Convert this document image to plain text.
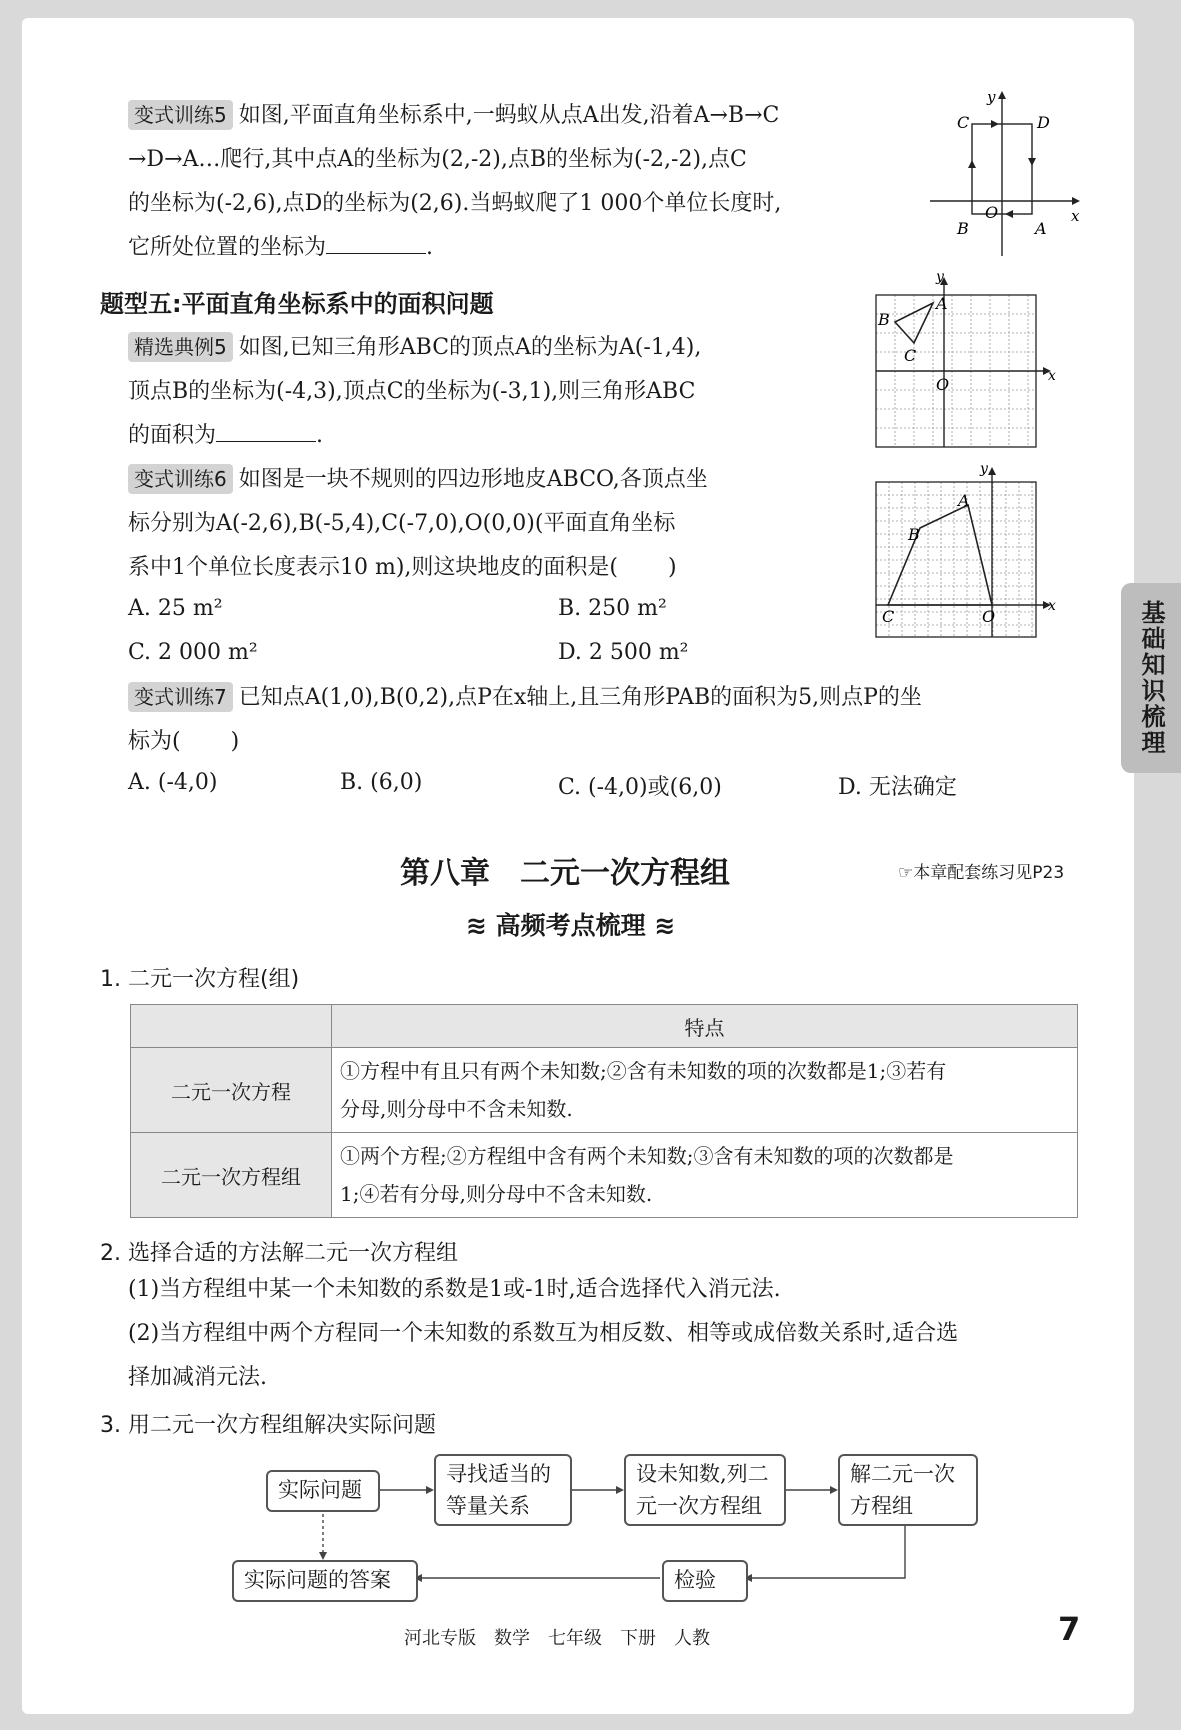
变式训练5 如图,平面直角坐标系中,一蚂蚁从点A出发,沿着A→B→C
→D→A…爬行,其中点A的坐标为(2,-2),点B的坐标为(-2,-2),点C
的坐标为(-2,6),点D的坐标为(2,6).当蚂蚁爬了1 000个单位长度时,
它所处位置的坐标为	.
y
x
O
A
B
C	D
题型五:平面直角坐标系中的面积问题
精选典例5 如图,已知三角形ABC的顶点A的坐标为A(-1,4),
顶点B的坐标为(-4,3),顶点C的坐标为(-3,1),则三角形ABC
的面积为	.
y
x
O
A
B
C
变式训练6 如图是一块不规则的四边形地皮ABCO,各顶点坐
标分别为A(-2,6),B(-5,4),C(-7,0),O(0,0)(平面直角坐标
系中1个单位长度表示10 m),则这块地皮的面积是( )
A. 25 m²	B. 250 m²
C. 2 000 m²	D. 2 500 m²
y
x
O
A
B
C
变式训练7 已知点A(1,0),B(0,2),点P在x轴上,且三角形PAB的面积为5,则点P的坐
标为( )
A. (-4,0)	B. (6,0)	C. (-4,0)或(6,0)	D. 无法确定
基础知识梳理
第八章　二元一次方程组	☞本章配套练习见P23
≋ 高频考点梳理 ≋
1. 二元一次方程(组)
	特点
二元一次方程	①方程中有且只有两个未知数;②含有未知数的项的次数都是1;③若有
分母,则分母中不含未知数.

二元一次方程组	①两个方程;②方程组中含有两个未知数;③含有未知数的项的次数都是
1;④若有分母,则分母中不含未知数.
2. 选择合适的方法解二元一次方程组
(1)当方程组中某一个未知数的系数是1或-1时,适合选择代入消元法.
(2)当方程组中两个方程同一个未知数的系数互为相反数、相等或成倍数关系时,适合选
择加减消元法.
3. 用二元一次方程组解决实际问题
实际问题
寻找适当的
等量关系
设未知数,列二
元一次方程组
解二元一次
方程组
检验
实际问题的答案
河北专版　数学　七年级　下册　人教	7
